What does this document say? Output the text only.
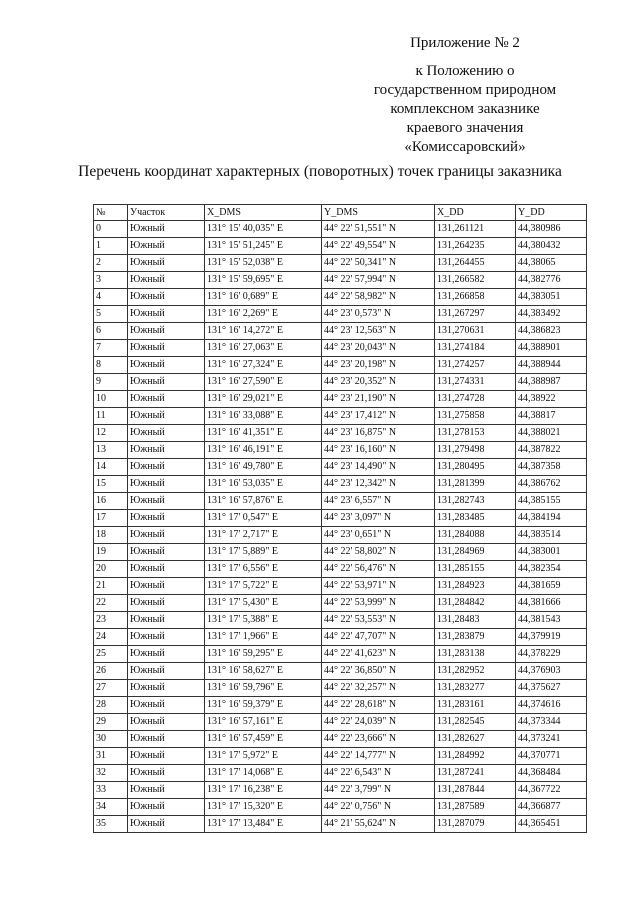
Приложение № 2
к Положению о
государственном природном
комплексном заказнике
краевого значения
«Комиссаровский»
Перечень координат характерных (поворотных) точек границы заказника
№	Участок	X_DMS	Y_DMS	X_DD	Y_DD
0	Южный	131° 15' 40,035" E	44° 22' 51,551" N	131,261121	44,380986
1	Южный	131° 15' 51,245" E	44° 22' 49,554" N	131,264235	44,380432
2	Южный	131° 15' 52,038" E	44° 22' 50,341" N	131,264455	44,38065
3	Южный	131° 15' 59,695" E	44° 22' 57,994" N	131,266582	44,382776
4	Южный	131° 16' 0,689" E	44° 22' 58,982" N	131,266858	44,383051
5	Южный	131° 16' 2,269" E	44° 23' 0,573" N	131,267297	44,383492
6	Южный	131° 16' 14,272" E	44° 23' 12,563" N	131,270631	44,386823
7	Южный	131° 16' 27,063" E	44° 23' 20,043" N	131,274184	44,388901
8	Южный	131° 16' 27,324" E	44° 23' 20,198" N	131,274257	44,388944
9	Южный	131° 16' 27,590" E	44° 23' 20,352" N	131,274331	44,388987
10	Южный	131° 16' 29,021" E	44° 23' 21,190" N	131,274728	44,38922
11	Южный	131° 16' 33,088" E	44° 23' 17,412" N	131,275858	44,38817
12	Южный	131° 16' 41,351" E	44° 23' 16,875" N	131,278153	44,388021
13	Южный	131° 16' 46,191" E	44° 23' 16,160" N	131,279498	44,387822
14	Южный	131° 16' 49,780" E	44° 23' 14,490" N	131,280495	44,387358
15	Южный	131° 16' 53,035" E	44° 23' 12,342" N	131,281399	44,386762
16	Южный	131° 16' 57,876" E	44° 23' 6,557" N	131,282743	44,385155
17	Южный	131° 17' 0,547" E	44° 23' 3,097" N	131,283485	44,384194
18	Южный	131° 17' 2,717" E	44° 23' 0,651" N	131,284088	44,383514
19	Южный	131° 17' 5,889" E	44° 22' 58,802" N	131,284969	44,383001
20	Южный	131° 17' 6,556" E	44° 22' 56,476" N	131,285155	44,382354
21	Южный	131° 17' 5,722" E	44° 22' 53,971" N	131,284923	44,381659
22	Южный	131° 17' 5,430" E	44° 22' 53,999" N	131,284842	44,381666
23	Южный	131° 17' 5,388" E	44° 22' 53,553" N	131,28483	44,381543
24	Южный	131° 17' 1,966" E	44° 22' 47,707" N	131,283879	44,379919
25	Южный	131° 16' 59,295" E	44° 22' 41,623" N	131,283138	44,378229
26	Южный	131° 16' 58,627" E	44° 22' 36,850" N	131,282952	44,376903
27	Южный	131° 16' 59,796" E	44° 22' 32,257" N	131,283277	44,375627
28	Южный	131° 16' 59,379" E	44° 22' 28,618" N	131,283161	44,374616
29	Южный	131° 16' 57,161" E	44° 22' 24,039" N	131,282545	44,373344
30	Южный	131° 16' 57,459" E	44° 22' 23,666" N	131,282627	44,373241
31	Южный	131° 17' 5,972" E	44° 22' 14,777" N	131,284992	44,370771
32	Южный	131° 17' 14,068" E	44° 22' 6,543" N	131,287241	44,368484
33	Южный	131° 17' 16,238" E	44° 22' 3,799" N	131,287844	44,367722
34	Южный	131° 17' 15,320" E	44° 22' 0,756" N	131,287589	44,366877
35	Южный	131° 17' 13,484" E	44° 21' 55,624" N	131,287079	44,365451
